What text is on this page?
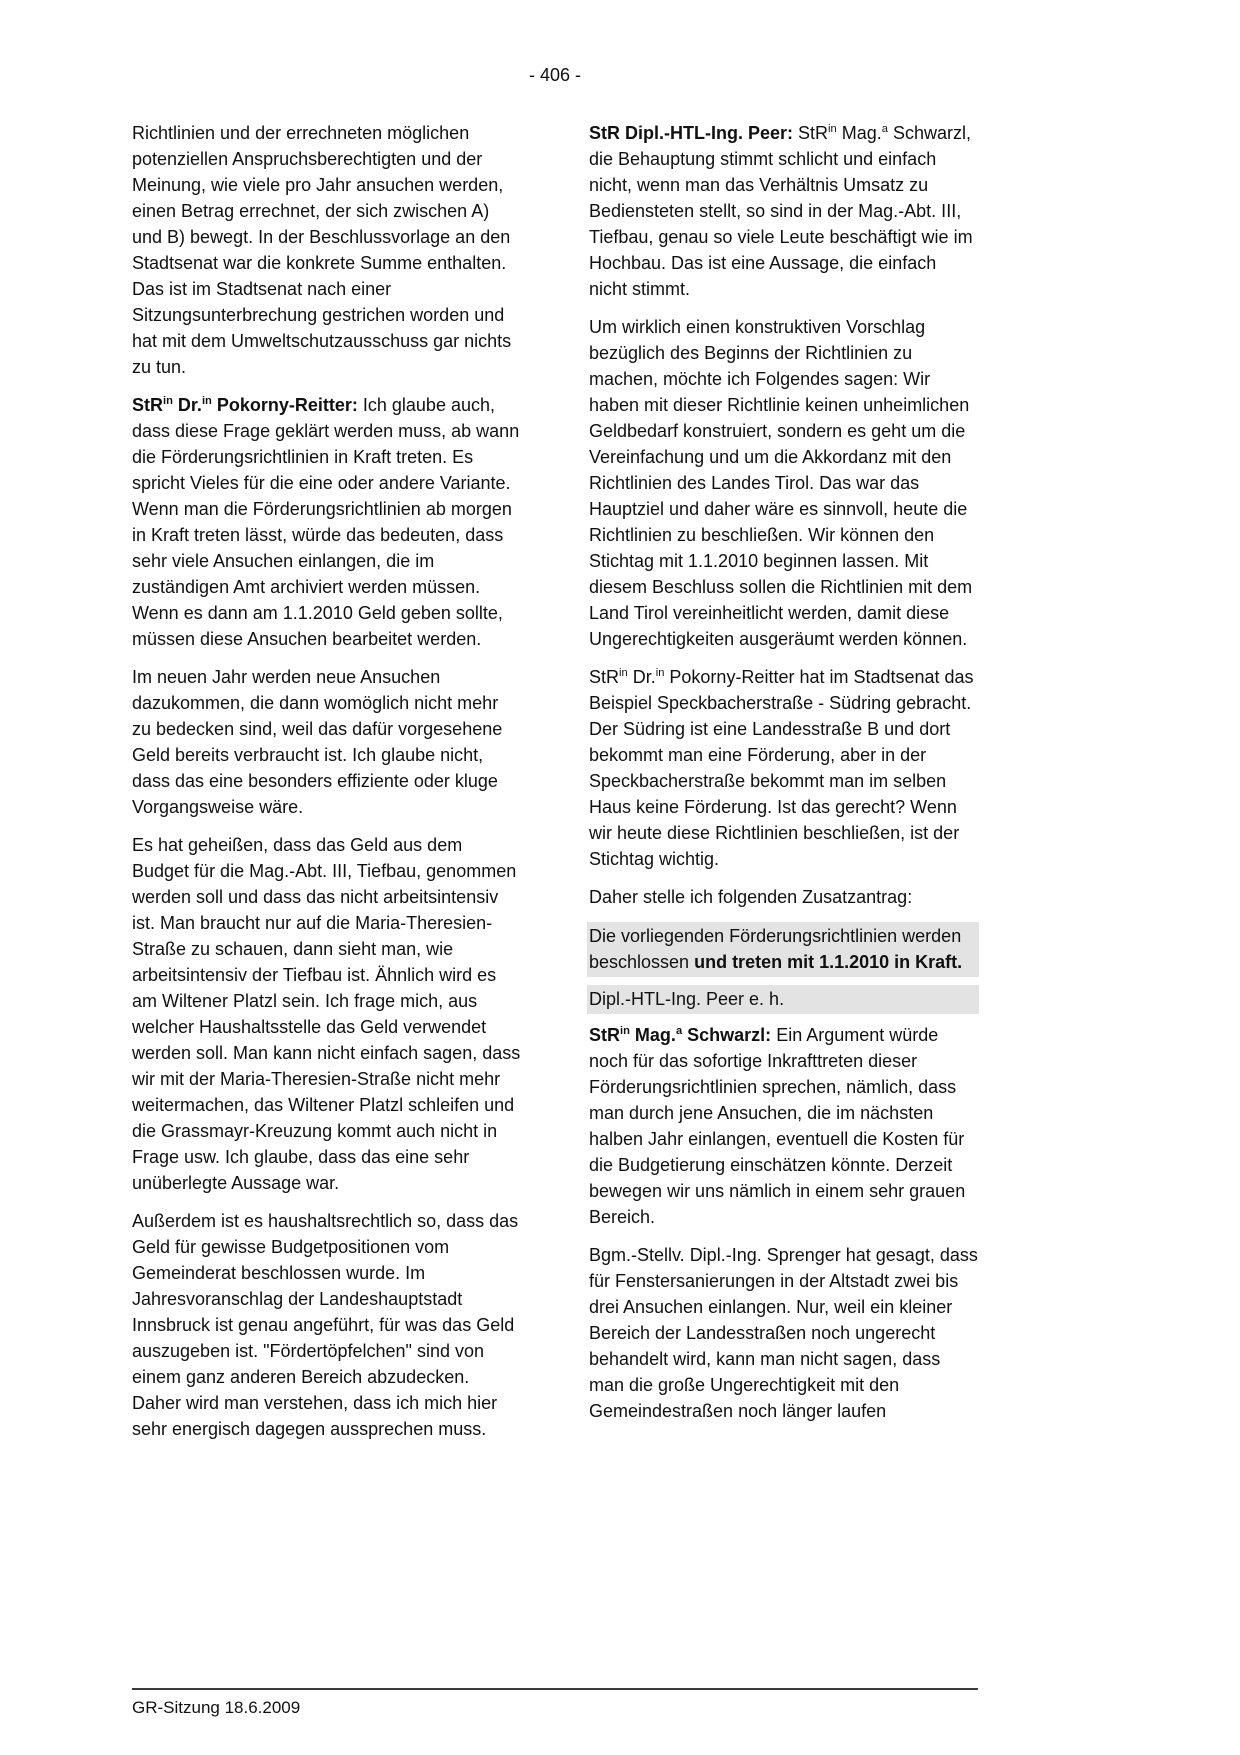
- 406 -

Richtlinien und der errechneten möglichen potenziellen Anspruchsberechtigten und der Meinung, wie viele pro Jahr ansuchen werden, einen Betrag errechnet, der sich zwischen A) und B) bewegt. In der Beschlussvorlage an den Stadtsenat war die konkrete Summe enthalten. Das ist im Stadtsenat nach einer Sitzungsunterbrechung gestrichen worden und hat mit dem Umweltschutzausschuss gar nichts zu tun.

StR$^{in}$ Dr.$^{in}$ Pokorny-Reitter: Ich glaube auch, dass diese Frage geklärt werden muss, ab wann die Förderungsrichtlinien in Kraft treten. Es spricht Vieles für die eine oder andere Variante. Wenn man die Förderungsrichtlinien ab morgen in Kraft treten lässt, würde das bedeuten, dass sehr viele Ansuchen einlangen, die im zuständigen Amt archiviert werden müssen. Wenn es dann am 1.1.2010 Geld geben sollte, müssen diese Ansuchen bearbeitet werden.

Im neuen Jahr werden neue Ansuchen dazukommen, die dann womöglich nicht mehr zu bedecken sind, weil das dafür vorgesehene Geld bereits verbraucht ist. Ich glaube nicht, dass das eine besonders effiziente oder kluge Vorgangsweise wäre.

Es hat geheißen, dass das Geld aus dem Budget für die Mag.-Abt. III, Tiefbau, genommen werden soll und dass das nicht arbeitsintensiv ist. Man braucht nur auf die Maria-Theresien-Straße zu schauen, dann sieht man, wie arbeitsintensiv der Tiefbau ist. Ähnlich wird es am Wiltener Platzl sein. Ich frage mich, aus welcher Haushaltsstelle das Geld verwendet werden soll. Man kann nicht einfach sagen, dass wir mit der Maria-Theresien-Straße nicht mehr weitermachen, das Wiltener Platzl schleifen und die Grassmayr-Kreuzung kommt auch nicht in Frage usw. Ich glaube, dass das eine sehr unüberlegte Aussage war.

Außerdem ist es haushaltsrechtlich so, dass das Geld für gewisse Budgetpositionen vom Gemeinderat beschlossen wurde. Im Jahresvoranschlag der Landeshauptstadt Innsbruck ist genau angeführt, für was das Geld auszugeben ist. "Fördertöpfelchen" sind von einem ganz anderen Bereich abzudecken. Daher wird man verstehen, dass ich mich hier sehr energisch dagegen aussprechen muss.

StR Dipl.-HTL-Ing. Peer: StR$^{in}$ Mag.$^a$ Schwarzl, die Behauptung stimmt schlicht und einfach nicht, wenn man das Verhältnis Umsatz zu Bediensteten stellt, so sind in der Mag.-Abt. III, Tiefbau, genau so viele Leute beschäftigt wie im Hochbau. Das ist eine Aussage, die einfach nicht stimmt.

Um wirklich einen konstruktiven Vorschlag bezüglich des Beginns der Richtlinien zu machen, möchte ich Folgendes sagen: Wir haben mit dieser Richtlinie keinen unheimlichen Geldbedarf konstruiert, sondern es geht um die Vereinfachung und um die Akkordanz mit den Richtlinien des Landes Tirol. Das war das Hauptziel und daher wäre es sinnvoll, heute die Richtlinien zu beschließen. Wir können den Stichtag mit 1.1.2010 beginnen lassen. Mit diesem Beschluss sollen die Richtlinien mit dem Land Tirol vereinheitlicht werden, damit diese Ungerechtigkeiten ausgeräumt werden können.

StR$^{in}$ Dr.$^{in}$ Pokorny-Reitter hat im Stadtsenat das Beispiel Speckbacherstraße - Südring gebracht. Der Südring ist eine Landesstraße B und dort bekommt man eine Förderung, aber in der Speckbacherstraße bekommt man im selben Haus keine Förderung. Ist das gerecht? Wenn wir heute diese Richtlinien beschließen, ist der Stichtag wichtig.

Daher stelle ich folgenden Zusatzantrag:

Die vorliegenden Förderungsrichtlinien werden beschlossen und treten mit 1.1.2010 in Kraft.

Dipl.-HTL-Ing. Peer e. h.

StR$^{in}$ Mag.$^a$ Schwarzl: Ein Argument würde noch für das sofortige Inkrafttreten dieser Förderungsrichtlinien sprechen, nämlich, dass man durch jene Ansuchen, die im nächsten halben Jahr einlangen, eventuell die Kosten für die Budgetierung einschätzen könnte. Derzeit bewegen wir uns nämlich in einem sehr grauen Bereich.

Bgm.-Stellv. Dipl.-Ing. Sprenger hat gesagt, dass für Fenstersanierungen in der Altstadt zwei bis drei Ansuchen einlangen. Nur, weil ein kleiner Bereich der Landesstraßen noch ungerecht behandelt wird, kann man nicht sagen, dass man die große Ungerechtigkeit mit den Gemeindestraßen noch länger laufen

GR-Sitzung 18.6.2009
